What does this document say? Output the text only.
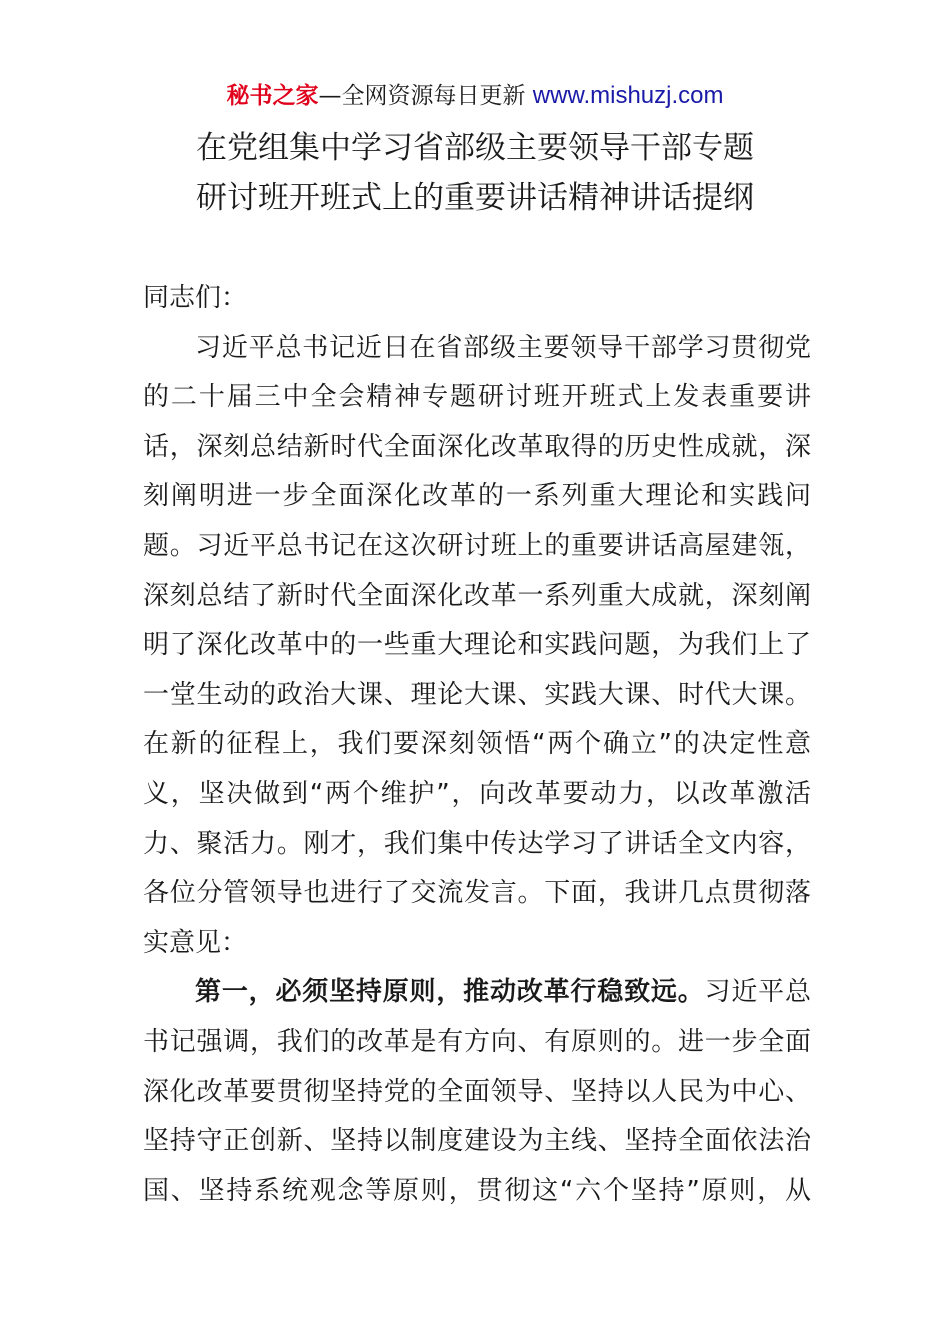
秘书之家—全网资源每日更新 www.mishuzj.com
在党组集中学习省部级主要领导干部专题
研讨班开班式上的重要讲话精神讲话提纲
同志们：
习近平总书记近日在省部级主要领导干部学习贯彻党
的二十届三中全会精神专题研讨班开班式上发表重要讲
话，深刻总结新时代全面深化改革取得的历史性成就，深
刻阐明进一步全面深化改革的一系列重大理论和实践问
题。习近平总书记在这次研讨班上的重要讲话高屋建瓴，
深刻总结了新时代全面深化改革一系列重大成就，深刻阐
明了深化改革中的一些重大理论和实践问题，为我们上了
一堂生动的政治大课、理论大课、实践大课、时代大课。
在新的征程上，我们要深刻领悟“两个确立”的决定性意
义，坚决做到“两个维护”，向改革要动力，以改革激活
力、聚活力。刚才，我们集中传达学习了讲话全文内容，
各位分管领导也进行了交流发言。下面，我讲几点贯彻落
实意见：
第一，必须坚持原则，推动改革行稳致远。习近平总
书记强调，我们的改革是有方向、有原则的。进一步全面
深化改革要贯彻坚持党的全面领导、坚持以人民为中心、
坚持守正创新、坚持以制度建设为主线、坚持全面依法治
国、坚持系统观念等原则，贯彻这“六个坚持”原则，从
